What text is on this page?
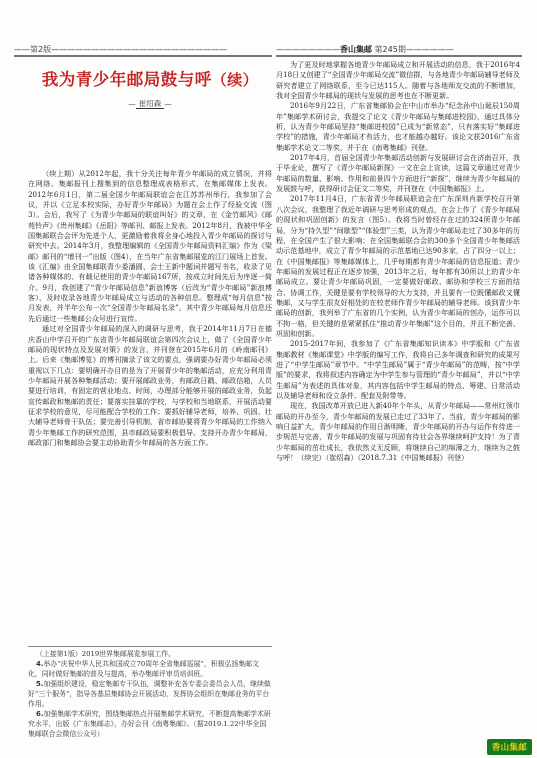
——第2版——————————————————————	————————香山集邮 第245期——————
我为青少年邮局鼓与呼（续）
— 崔绍森 —

（续上期）从2012年起，我十分关注每年青少年邮局的成立情况，并将在网络、集邮报刊上搜集到的信息整理成表格形式，在集邮媒体上发表。2012年6月1日，第二届全国少年邮局联谊会在江苏苏州举行，我参加了会议，并以《立足本校实际，办好青少年邮局》为题在会上作了经验交流（图3）。会后，我写了《为青少年邮局的联谊叫好》的文章，在《金竹邮风》《邮苑铃声》《贵州集邮》《岳阳》等邮刊、邮报上发表。2012年8月，我被中华全国集邮联合会评为先进个人，更激励着我将全身心地投入青少年邮局的探讨与研究中去。2014年3月，我整理编辑的《全国青少年邮局资料汇编》作为《梁邮》邮刊的“增刊一”出版（图4），在当年广东省集邮展览的江门展场上首发。该《汇编》由全国集邮联青少委潘圆、会士王新中题词并题写书名，收录了见诸各种媒体的、有载记使用的青少年邮局167所，按成立时间先后为序逐一简介。9月，我创建了“青少年邮局信息”新浪博客（后改为“青少年邮局”新浪博客），及时收录各地青少年邮局成立与活动的各种信息。整理成“每月信息”按月发表，并半年公布一次“全国青少年邮局名录”。其中青少年邮局每月信息还先后通过一些集邮公众号进行宣传。

通过对全国青少年邮局的深入的调研与思考，我于2014年11月7日在德庆香山中学召开的广东省青少年邮局联谊会第四次会议上，做了《全国青少年邮局的现状特点及发展对策》的发言，并刊登在2015年6月的《岭南邮刊》上。后来《集邮博览》的博刊摘录了该文的要点，强调要办好青少年邮局必须重视以下几点：要明确开办目的是为了开展青少年的集邮活动，应充分利用青少年邮局开展各种集邮活动；要开展邮政业务，有邮政日戳、邮政信箱，人员要进行培训，有固定的营业地点、时间，办理部分能够开展的邮政业务，负起宣传邮政和集邮的责任；要落实挂靠的学校，与学校和当地联系，开展活动要征求学校的意见，尽可能配合学校的工作；要抓好辅导老师，培养、巩固、壮大辅导老师骨干队伍；要完善引导机制，省市邮协要将青少年邮局的工作纳入青少年集邮工作的研究范围，县市邮政局要积极倡导、支持开办青少年邮局，邮政部门和集邮协会要主动协助青少年邮局的各方面工作。

（上接第1版）2019世界集邮展览参展工作。

4.举办“庆祝中华人民共和国成立70周年全省集邮巡展”，积极弘扬集邮文化，同时做好集邮的普及与提高，举办集邮评审员培训班。

5.加强组织建设，稳定集邮专干队伍，调整补充各专委会委员会人员，继续做好“三个服务”，指导各基层集邮协会开展活动，发挥协会组织在集邮业务的平台作用。

6.加强集邮学术研究，围绕集邮热点开展集邮学术研究，不断提高集邮学术研究水平，出版《广东集邮志》，办好会刊《南粤集邮》。（据2019.1.22中华全国集邮联合会微信公众号）

为了更及时地掌握各地青少年邮局成立和开展活动的信息，我于2016年4月18日又创建了“全国青少年邮局交流”微信群，与各地青少年邮局辅导老师及研究者建立了网络联系，至今已达115人。随着与各地师友交流的不断增加，我对全国青少年邮局的现状与发展的思考也在不断更新。

2016年9月22日，广东省集邮协会在中山市举办“纪念孙中山诞辰150周年”集邮学术研讨会，我提交了论文《青少年邮局与集邮进校园》，通过具体分析，认为青少年邮局坚持“集邮进校园”已成为“新常态”，只有落实好“集邮进学校”的措施，青少年邮局才有活力，也才能越办越好。该论文获2016广东省集邮学术论文二等奖，并于在《南粤集邮》刊登。

2017年4月，首届全国青少年集邮活动创新与发展研讨会在济南召开，我于毕业论，撰写了《青少年邮局新探》一文在会上宣读，这篇文章通过对青少年邮局的数量、影响、作用和前景四个方面进行“新探”，继续为青少年邮局的发展鼓与呼，获得研讨会征文二等奖，并刊登在《中国集邮报》上。

2017年11月4日，广东省青少年邮局联谊会在广东深圳肖新学校召开第八次会议，我整理了我近年调研与思考形成的观点，在会上作了《青少年邮局的现状和巩固创新》的发言（图5）。我将当时曾经存在过的324所青少年邮局，分为“持久型”“间歇型”“体验型”三类，认为青少年邮局走过了30多年的历程，在全国产生了很大影响；在全国集邮联合会的300多个全国青少年集邮活动示范基地中，成立了青少年邮局的示范基地已达90多家，占了四分一以上；在《中国集邮报》等集邮媒体上，几乎每期都有青少年邮局的信息报道；青少年邮局的发展过程正在逐步加强，2013年之后，每年都有30所以上的青少年邮局成立。要让青少年邮局巩固，一定要做好邮政、邮协和学校三方面的结合、协调工作，关键是要有学校领导的大力支持，并且要有一位既懂邮政又懂集邮，又与学生很友好相处的在校老师作青少年邮局的辅导老师。该到青少年邮局的创新，我列举了广东省的几个实例，认为青少年邮局的创办，运作可以不拘一格，但关键的是紧紧抓住“推动青少年集邮”这个目的，并且不断完善、巩固和创新。

2015-2017年间，我参加了《广东省集邮知识读本》中学版和《广东省集邮教材《集邮课堂》中学版的编写工作，我将自己多年调查和研究的成果写进了“中学生邮局”章节中。“中学生邮局”属于“青少年邮局”的范畴，按“中学版”的要求，我将叙述内容确定为中学生参与管理的“青少年邮局”，并以“中学生邮局”为表述的具体对象，其内容包括中学生邮局的特点、筹建、日常活动以及辅导老师和设立条件、配套及附带等。

现在，我国改革开放已进入新40年个年头，从青少年邮局——常州红领巾邮局的开办至今，青少年邮局的发展已走过了33年了。当前，青少年邮局的影响日益扩大，青少年邮局的作用日渐明晰，青少年邮局的开办与运作有待进一步规范与完善，青少年邮局的发展与巩固有待社会各界继续呵护支持！为了青少年邮局的茁壮成长，我依然义无反顾，将继续自己的绵薄之力，继续为之鼓与呼！（续完）（崔绍森）（2018.7.31《中国集邮报》刊登）

香山集邮
